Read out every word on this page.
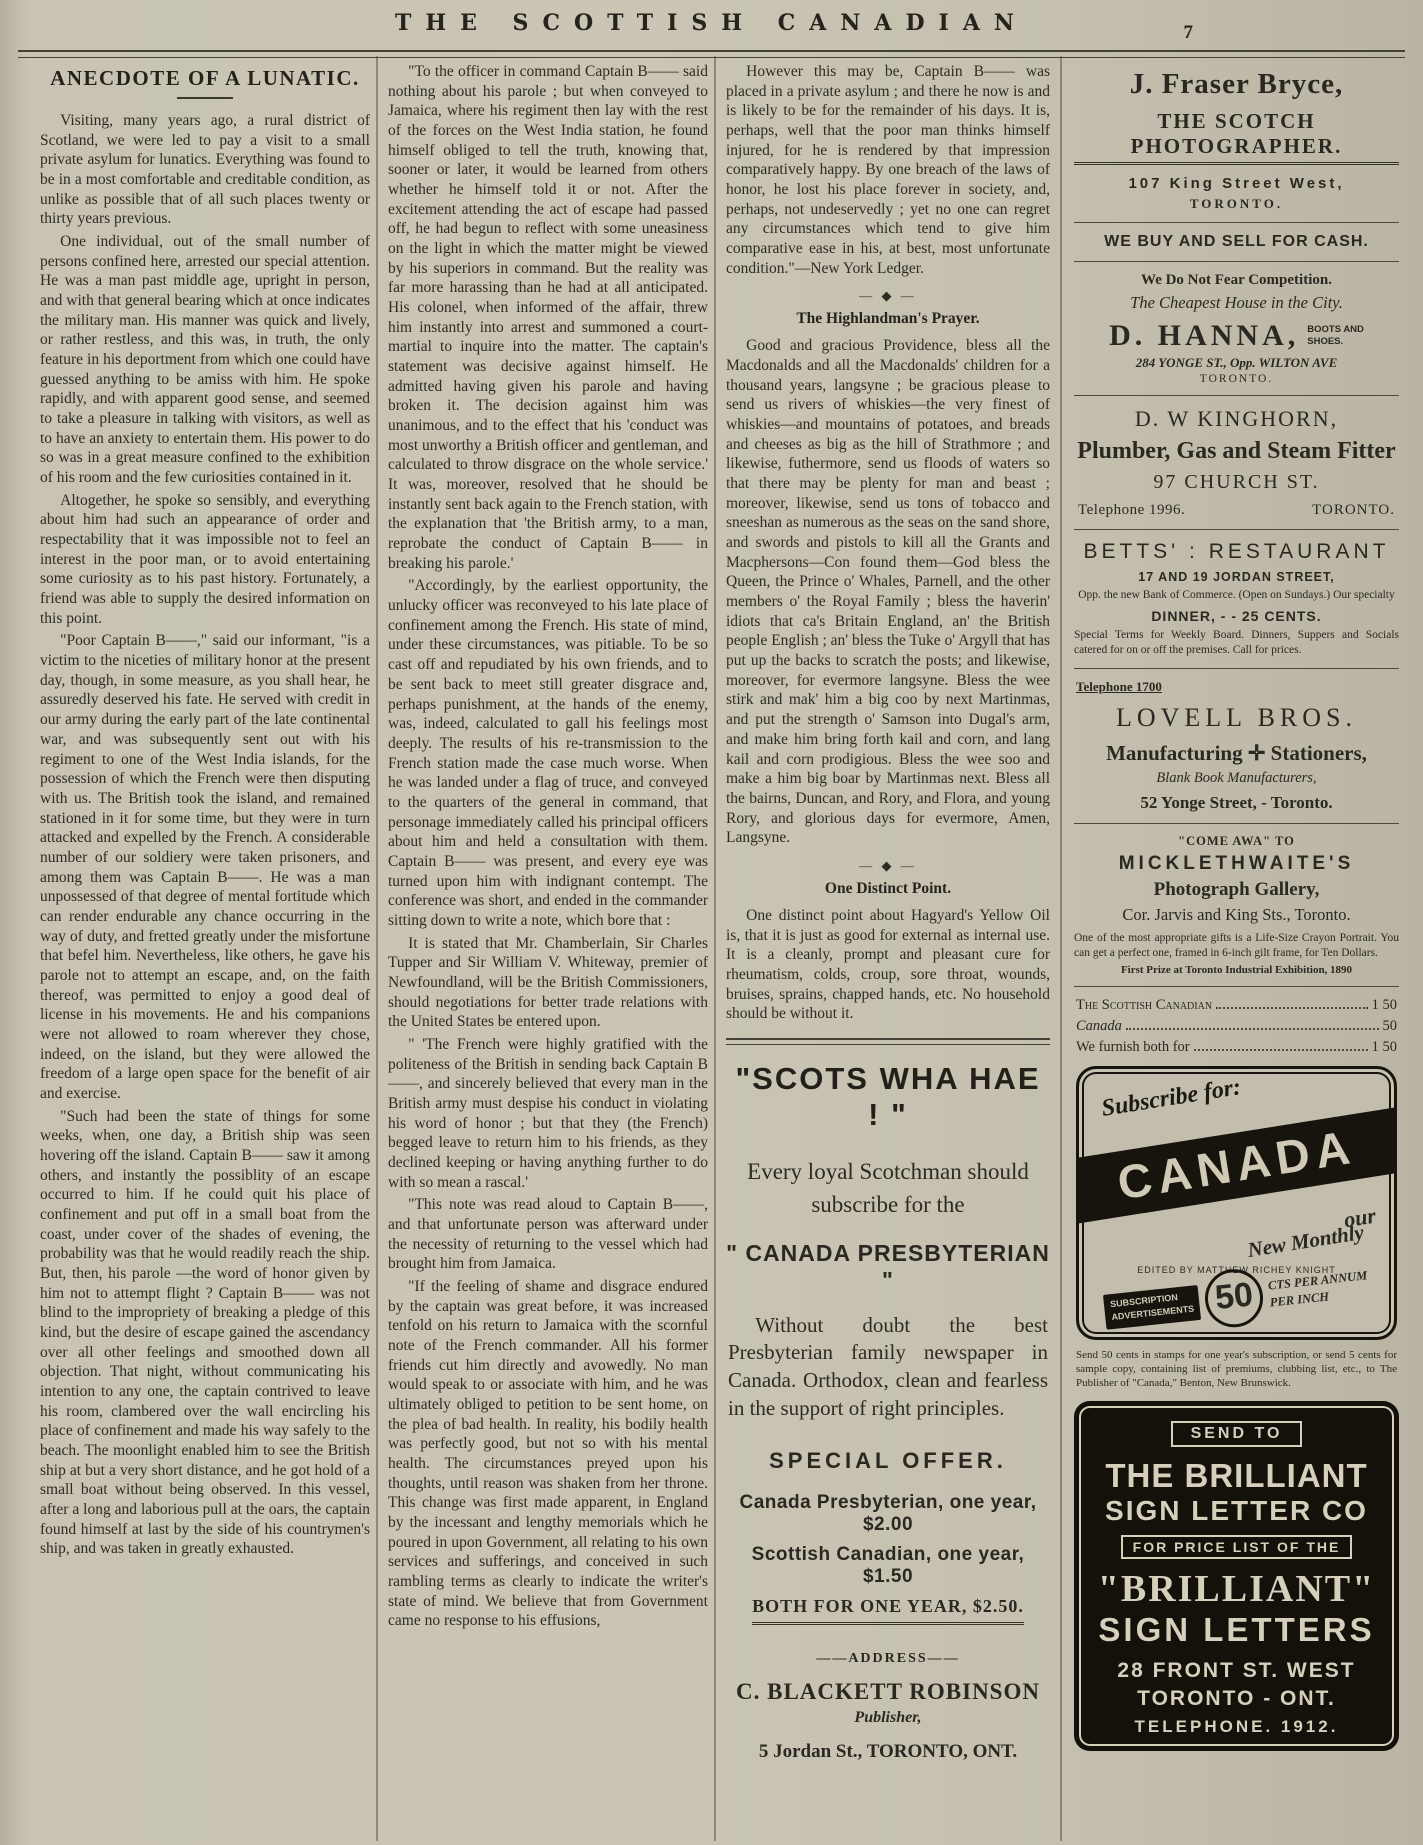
THE SCOTTISH CANADIAN	7
ANECDOTE OF A LUNATIC.

Visiting, many years ago, a rural district of Scotland, we were led to pay a visit to a small private asylum for lunatics. Everything was found to be in a most comfortable and creditable condition, as unlike as possible that of all such places twenty or thirty years previous.

One individual, out of the small number of persons confined here, arrested our special attention. He was a man past middle age, upright in person, and with that general bearing which at once indicates the military man. His manner was quick and lively, or rather restless, and this was, in truth, the only feature in his deportment from which one could have guessed anything to be amiss with him. He spoke rapidly, and with apparent good sense, and seemed to take a pleasure in talking with visitors, as well as to have an anxiety to entertain them. His power to do so was in a great measure confined to the exhibition of his room and the few curiosities contained in it.

Altogether, he spoke so sensibly, and everything about him had such an appearance of order and respectability that it was impossible not to feel an interest in the poor man, or to avoid entertaining some curiosity as to his past history. Fortunately, a friend was able to supply the desired information on this point.

"Poor Captain B——," said our informant, "is a victim to the niceties of military honor at the present day, though, in some measure, as you shall hear, he assuredly deserved his fate. He served with credit in our army during the early part of the late continental war, and was subsequently sent out with his regiment to one of the West India islands, for the possession of which the French were then disputing with us. The British took the island, and remained stationed in it for some time, but they were in turn attacked and expelled by the French. A considerable number of our soldiery were taken prisoners, and among them was Captain B——. He was a man unpossessed of that degree of mental fortitude which can render endurable any chance occurring in the way of duty, and fretted greatly under the misfortune that befel him. Nevertheless, like others, he gave his parole not to attempt an escape, and, on the faith thereof, was permitted to enjoy a good deal of license in his movements. He and his companions were not allowed to roam wherever they chose, indeed, on the island, but they were allowed the freedom of a large open space for the benefit of air and exercise.

"Such had been the state of things for some weeks, when, one day, a British ship was seen hovering off the island. Captain B—— saw it among others, and instantly the possiblity of an escape occurred to him. If he could quit his place of confinement and put off in a small boat from the coast, under cover of the shades of evening, the probability was that he would readily reach the ship. But, then, his parole —the word of honor given by him not to attempt flight ? Captain B—— was not blind to the impropriety of breaking a pledge of this kind, but the desire of escape gained the ascendancy over all other feelings and smoothed down all objection. That night, without communicating his intention to any one, the captain contrived to leave his room, clambered over the wall encircling his place of confinement and made his way safely to the beach. The moonlight enabled him to see the British ship at but a very short distance, and he got hold of a small boat without being observed. In this vessel, after a long and laborious pull at the oars, the captain found himself at last by the side of his countrymen's ship, and was taken in greatly exhausted.

"To the officer in command Captain B—— said nothing about his parole ; but when conveyed to Jamaica, where his regiment then lay with the rest of the forces on the West India station, he found himself obliged to tell the truth, knowing that, sooner or later, it would be learned from others whether he himself told it or not. After the excitement attending the act of escape had passed off, he had begun to reflect with some uneasiness on the light in which the matter might be viewed by his superiors in command. But the reality was far more harassing than he had at all anticipated. His colonel, when informed of the affair, threw him instantly into arrest and summoned a court-martial to inquire into the matter. The captain's statement was decisive against himself. He admitted having given his parole and having broken it. The decision against him was unanimous, and to the effect that his 'conduct was most unworthy a British officer and gentleman, and calculated to throw disgrace on the whole service.' It was, moreover, resolved that he should be instantly sent back again to the French station, with the explanation that 'the British army, to a man, reprobate the conduct of Captain B—— in breaking his parole.'

"Accordingly, by the earliest opportunity, the unlucky officer was reconveyed to his late place of confinement among the French. His state of mind, under these circumstances, was pitiable. To be so cast off and repudiated by his own friends, and to be sent back to meet still greater disgrace and, perhaps punishment, at the hands of the enemy, was, indeed, calculated to gall his feelings most deeply. The results of his re-transmission to the French station made the case much worse. When he was landed under a flag of truce, and conveyed to the quarters of the general in command, that personage immediately called his principal officers about him and held a consultation with them. Captain B—— was present, and every eye was turned upon him with indignant contempt. The conference was short, and ended in the commander sitting down to write a note, which bore that :

It is stated that Mr. Chamberlain, Sir Charles Tupper and Sir William V. Whiteway, premier of Newfoundland, will be the British Commissioners, should negotiations for better trade relations with the United States be entered upon.

" 'The French were highly gratified with the politeness of the British in sending back Captain B——, and sincerely believed that every man in the British army must despise his conduct in violating his word of honor ; but that they (the French) begged leave to return him to his friends, as they declined keeping or having anything further to do with so mean a rascal.'

"This note was read aloud to Captain B——, and that unfortunate person was afterward under the necessity of returning to the vessel which had brought him from Jamaica.

"If the feeling of shame and disgrace endured by the captain was great before, it was increased tenfold on his return to Jamaica with the scornful note of the French commander. All his former friends cut him directly and avowedly. No man would speak to or associate with him, and he was ultimately obliged to petition to be sent home, on the plea of bad health. In reality, his bodily health was perfectly good, but not so with his mental health. The circumstances preyed upon his thoughts, until reason was shaken from her throne. This change was first made apparent, in England by the incessant and lengthy memorials which he poured in upon Government, all relating to his own services and sufferings, and conceived in such rambling terms as clearly to indicate the writer's state of mind. We believe that from Government came no response to his effusions,

However this may be, Captain B—— was placed in a private asylum ; and there he now is and is likely to be for the remainder of his days. It is, perhaps, well that the poor man thinks himself injured, for he is rendered by that impression comparatively happy. By one breach of the laws of honor, he lost his place forever in society, and, perhaps, not undeservedly ; yet no one can regret any circumstances which tend to give him comparative ease in his, at best, most unfortunate condition."—New York Ledger.

— ◆ —
The Highlandman's Prayer.

Good and gracious Providence, bless all the Macdonalds and all the Macdonalds' children for a thousand years, langsyne ; be gracious please to send us rivers of whiskies—the very finest of whiskies—and mountains of potatoes, and breads and cheeses as big as the hill of Strathmore ; and likewise, futhermore, send us floods of waters so that there may be plenty for man and beast ; moreover, likewise, send us tons of tobacco and sneeshan as numerous as the seas on the sand shore, and swords and pistols to kill all the Grants and Macphersons—Con found them—God bless the Queen, the Prince o' Whales, Parnell, and the other members o' the Royal Family ; bless the haverin' idiots that ca's Britain England, an' the British people English ; an' bless the Tuke o' Argyll that has put up the backs to scratch the posts; and likewise, moreover, for evermore langsyne. Bless the wee stirk and mak' him a big coo by next Martinmas, and put the strength o' Samson into Dugal's arm, and make him bring forth kail and corn, and lang kail and corn prodigious. Bless the wee soo and make a him big boar by Martinmas next. Bless all the bairns, Duncan, and Rory, and Flora, and young Rory, and glorious days for evermore, Amen, Langsyne.

— ◆ —
One Distinct Point.

One distinct point about Hagyard's Yellow Oil is, that it is just as good for external as internal use. It is a cleanly, prompt and pleasant cure for rheumatism, colds, croup, sore throat, wounds, bruises, sprains, chapped hands, etc. No household should be without it.

"SCOTS WHA HAE ! "

Every loyal Scotchman should subscribe for the

" CANADA PRESBYTERIAN "

Without doubt the best Presbyterian family newspaper in Canada. Orthodox, clean and fearless in the support of right principles.

SPECIAL OFFER.
Canada Presbyterian, one year, $2.00
Scottish Canadian, one year, $1.50
BOTH FOR ONE YEAR, $2.50.
——ADDRESS——
C. BLACKETT ROBINSON
Publisher,
5 Jordan St., TORONTO, ONT.
J. Fraser Bryce,
THE SCOTCH PHOTOGRAPHER.
107 King Street West,
TORONTO.
WE BUY AND SELL FOR CASH.
We Do Not Fear Competition.
The Cheapest House in the City.
D. HANNA, BOOTS AND
SHOES.
284 YONGE ST., Opp. WILTON AVE
TORONTO.
D. W KINGHORN,
Plumber, Gas and Steam Fitter
97 CHURCH ST.
Telephone 1996.	TORONTO.
BETTS' : RESTAURANT
17 AND 19 JORDAN STREET,
Opp. the new Bank of Commerce. (Open on Sundays.) Our specialty
DINNER, - - 25 CENTS.
Special Terms for Weekly Board. Dinners, Suppers and Socials catered for on or off the premises. Call for prices.
Telephone 1700
LOVELL BROS.
Manufacturing ✛ Stationers,
Blank Book Manufacturers,
52 Yonge Street, - Toronto.
"COME AWA" TO
MICKLETHWAITE'S
Photograph Gallery,
Cor. Jarvis and King Sts., Toronto.
One of the most appropriate gifts is a Life-Size Crayon Portrait. You can get a perfect one, framed in 6-inch gilt frame, for Ten Dollars.
First Prize at Toronto Industrial Exhibition, 1890
The Scottish Canadian	1 50
Canada	50
We furnish both for	1 50
Subscribe for:
CANADA
our
New Monthly
EDITED BY MATTHEW RICHEY KNIGHT
SUBSCRIPTION
ADVERTISEMENTS 50	CTS PER ANNUM
PER INCH

Send 50 cents in stamps for one year's subscription, or send 5 cents for sample copy, containing list of premiums, clubbing list, etc., to The Publisher of "Canada," Benton, New Brunswick.

SEND TO
THE BRILLIANT
SIGN LETTER CO
FOR PRICE LIST OF THE
"BRILLIANT"
SIGN LETTERS
28 FRONT ST. WEST
TORONTO - ONT.
TELEPHONE. 1912.
